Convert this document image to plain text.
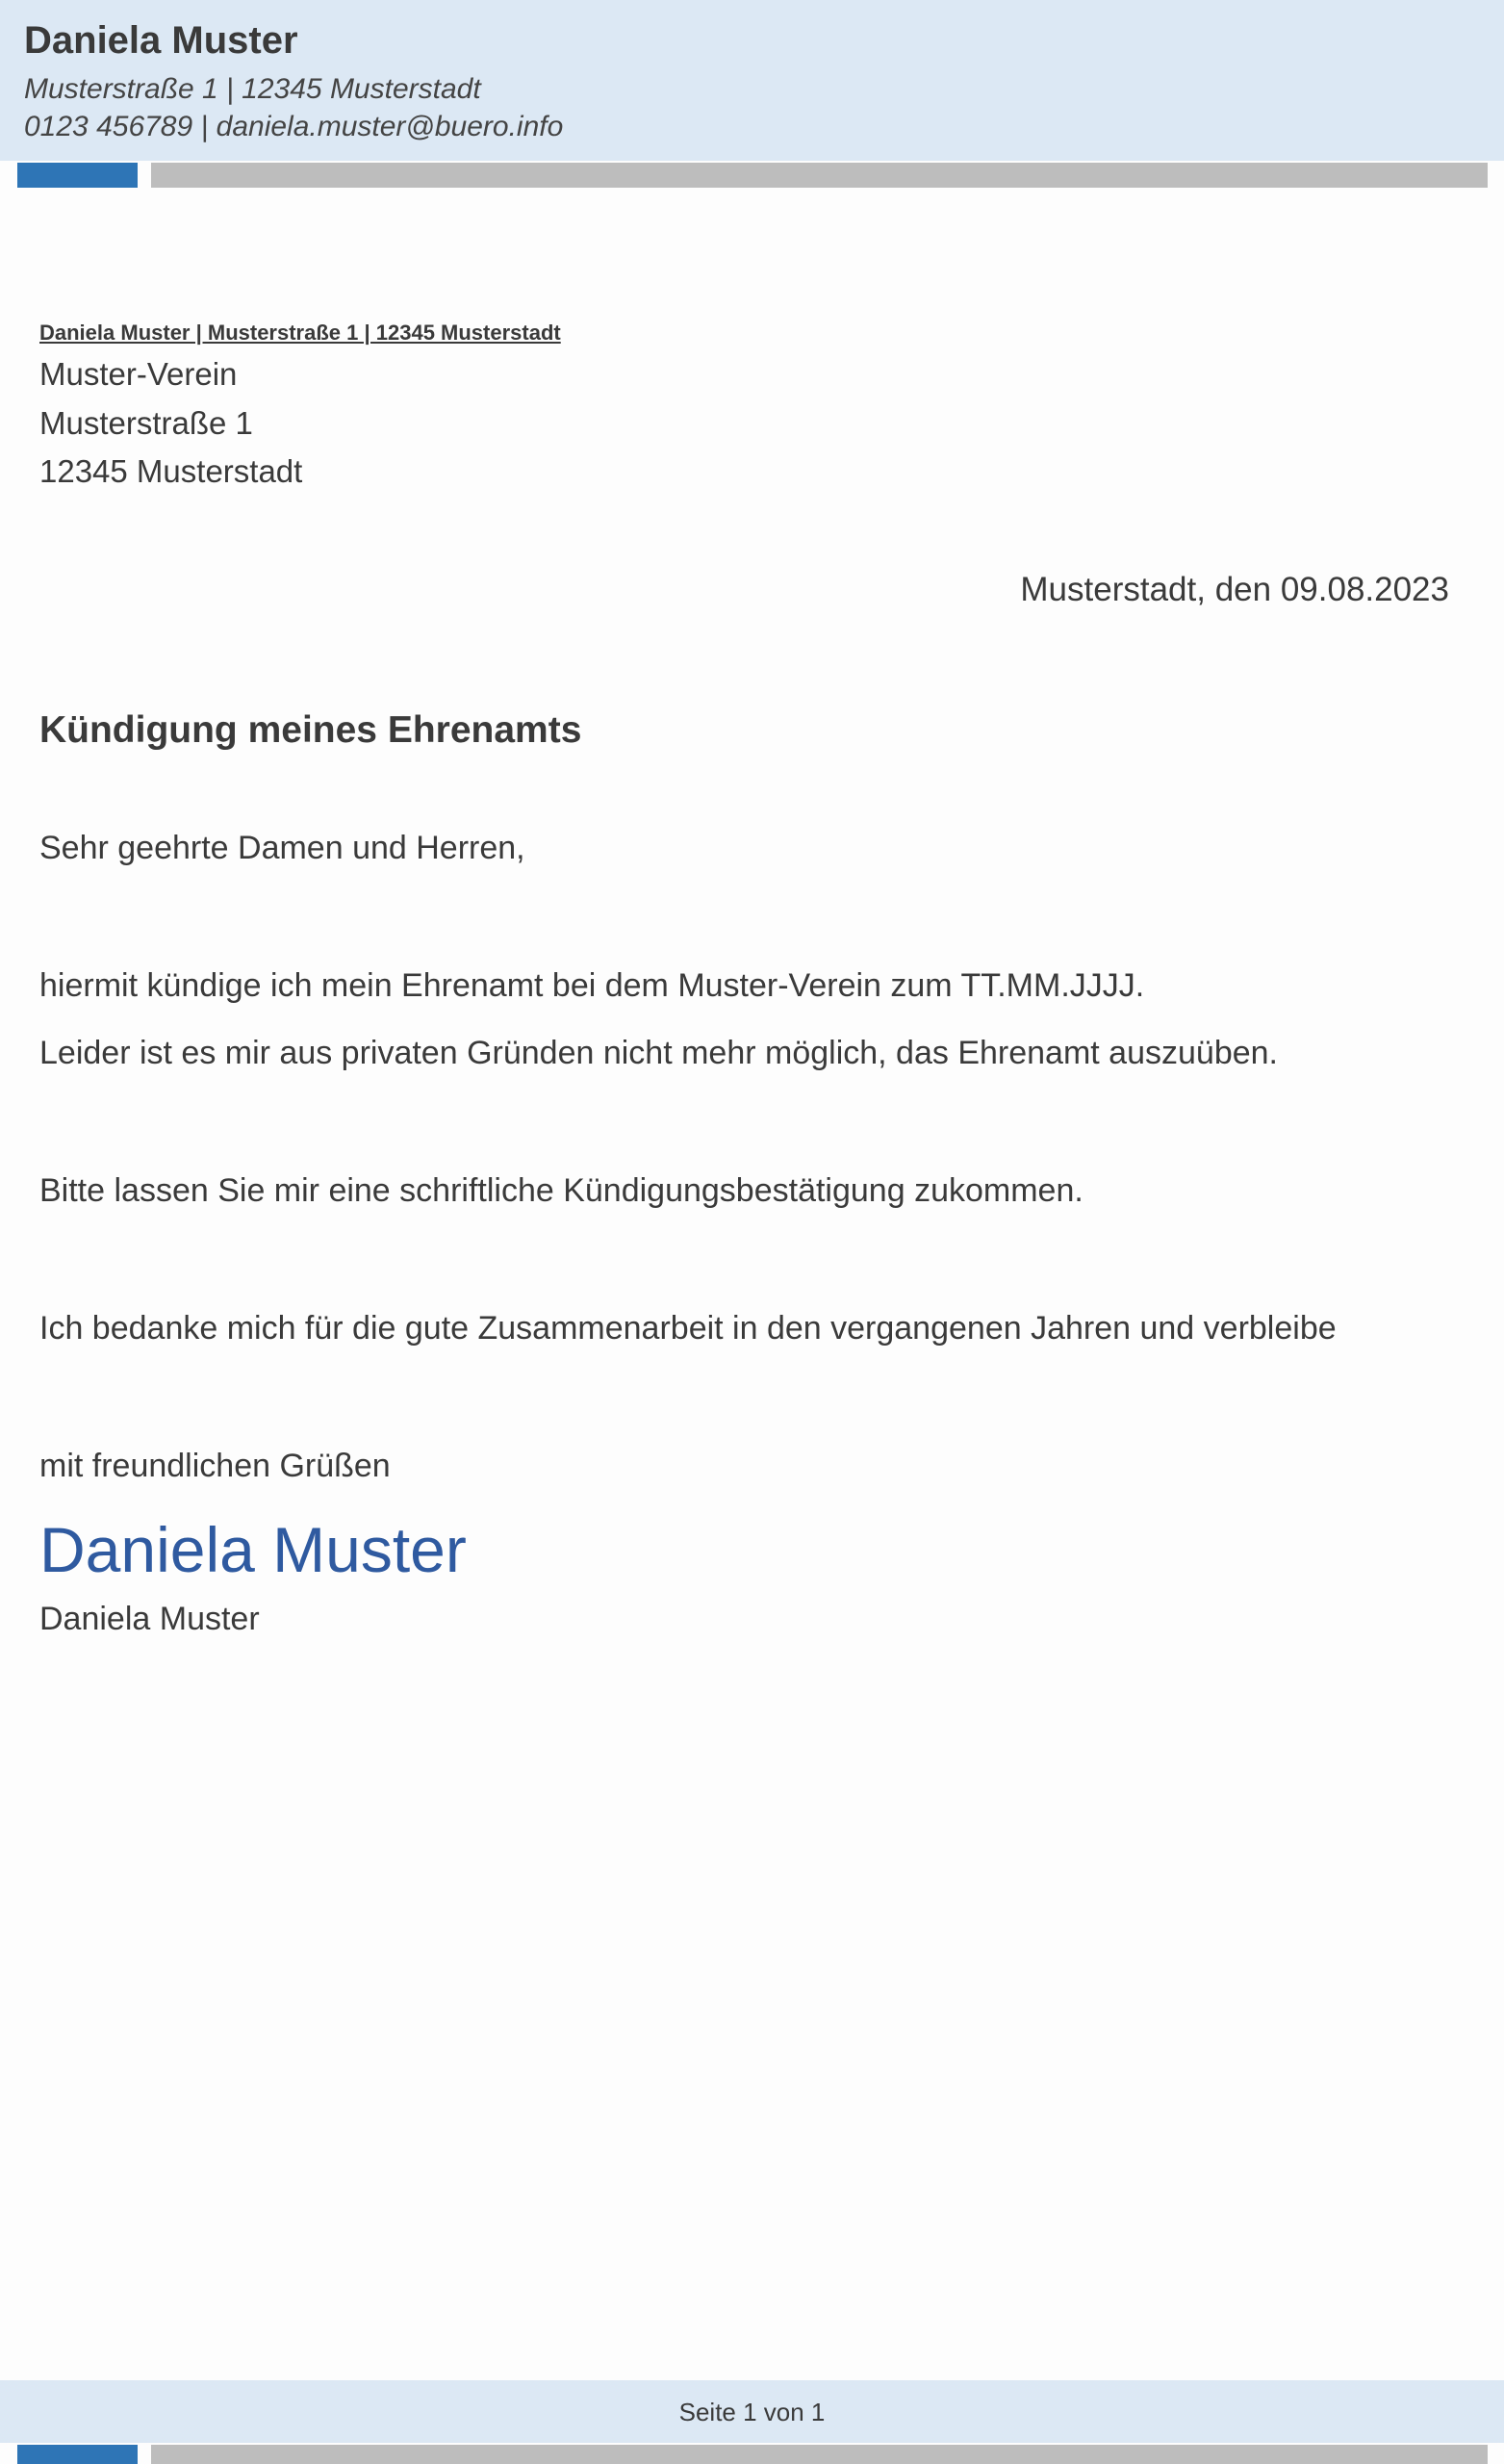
Daniela Muster
Musterstraße 1 | 12345 Musterstadt
0123 456789 | daniela.muster@buero.info
Daniela Muster | Musterstraße 1 | 12345 Musterstadt
Muster-Verein
Musterstraße 1
12345 Musterstadt
Musterstadt, den 09.08.2023
Kündigung meines Ehrenamts
Sehr geehrte Damen und Herren,
hiermit kündige ich mein Ehrenamt bei dem Muster-Verein zum TT.MM.JJJJ.
Leider ist es mir aus privaten Gründen nicht mehr möglich, das Ehrenamt auszuüben.
Bitte lassen Sie mir eine schriftliche Kündigungsbestätigung zukommen.
Ich bedanke mich für die gute Zusammenarbeit in den vergangenen Jahren und verbleibe
mit freundlichen Grüßen
Daniela Muster
Daniela Muster
Seite 1 von 1
